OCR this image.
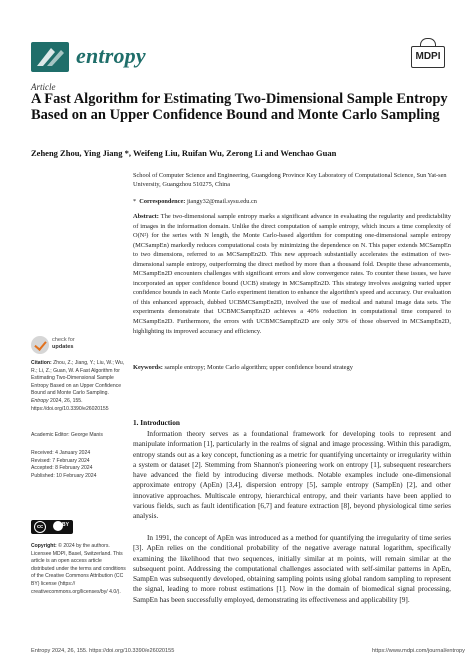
entropy	MDPI
Article
A Fast Algorithm for Estimating Two-Dimensional Sample Entropy Based on an Upper Confidence Bound and Monte Carlo Sampling
Zeheng Zhou, Ying Jiang *, Weifeng Liu, Ruifan Wu, Zerong Li and Wenchao Guan
School of Computer Science and Engineering, Guangdong Province Key Laboratory of Computational Science, Sun Yat-sen University, Guangzhou 510275, China
*  Correspondence: jiangy32@mail.sysu.edu.cn
Abstract: The two-dimensional sample entropy marks a significant advance in evaluating the regularity and predictability of images in the information domain. Unlike the direct computation of sample entropy, which incurs a time complexity of O(N²) for the series with N length, the Monte Carlo-based algorithm for computing one-dimensional sample entropy (MCSampEn) markedly reduces computational costs by minimizing the dependence on N. This paper extends MCSampEn to two dimensions, referred to as MCSampEn2D. This new approach substantially accelerates the estimation of two-dimensional sample entropy, outperforming the direct method by more than a thousand fold. Despite these advancements, MCSampEn2D encounters challenges with significant errors and slow convergence rates. To counter these issues, we have incorporated an upper confidence bound (UCB) strategy in MCSampEn2D. This strategy involves assigning varied upper confidence bounds in each Monte Carlo experiment iteration to enhance the algorithm's speed and accuracy. Our evaluation of this enhanced approach, dubbed UCBMCSampEn2D, involved the use of medical and natural image data sets. The experiments demonstrate that UCBMCSampEn2D achieves a 40% reduction in computational time compared to MCSampEn2D. Furthermore, the errors with UCBMCSampEn2D are only 30% of those observed in MCSampEn2D, highlighting its improved accuracy and efficiency.
Keywords: sample entropy; Monte Carlo algorithm; upper confidence bound strategy
check for
updates
Citation: Zhou, Z.; Jiang, Y.; Liu, W.; Wu, R.; Li, Z.; Guan, W. A Fast Algorithm for Estimating Two-Dimensional Sample Entropy Based on an Upper Confidence Bound and Monte Carlo Sampling. Entropy 2024, 26, 155. https://doi.org/10.3390/e26020155
Academic Editor: George Manis
Received: 4 January 2024
Revised: 7 February 2024
Accepted: 8 February 2024
Published: 10 February 2024
cc	BY
Copyright: © 2024 by the authors. Licensee MDPI, Basel, Switzerland. This article is an open access article distributed under the terms and conditions of the Creative Commons Attribution (CC BY) license (https:// creativecommons.org/licenses/by/ 4.0/).
1. Introduction
Information theory serves as a foundational framework for developing tools to represent and manipulate information [1], particularly in the realms of signal and image processing. Within this paradigm, entropy stands out as a key concept, functioning as a metric for quantifying uncertainty or irregularity within a system or dataset [2]. Stemming from Shannon's pioneering work on entropy [1], subsequent researchers have advanced the field by introducing diverse methods. Notable examples include one-dimensional approximate entropy (ApEn) [3,4], dispersion entropy [5], sample entropy (SampEn) [2], and other innovative approaches. Multiscale entropy, hierarchical entropy, and their variants have been applied to various fields, such as fault identification [6,7] and feature extraction [8], beyond physiological time series analysis.
In 1991, the concept of ApEn was introduced as a method for quantifying the irregularity of time series [3]. ApEn relies on the conditional probability of the negative average natural logarithm, specifically examining the likelihood that two sequences, initially similar at m points, will remain similar at the subsequent point. Addressing the computational challenges associated with self-similar patterns in ApEn, SampEn was subsequently developed, obtaining sampling points using global random sampling to represent the signal, leading to more robust estimations [1]. Now in the domain of biomedical signal processing, SampEn has been successfully employed, demonstrating its effectiveness and applicability [9].
Entropy 2024, 26, 155. https://doi.org/10.3390/e26020155	https://www.mdpi.com/journal/entropy
